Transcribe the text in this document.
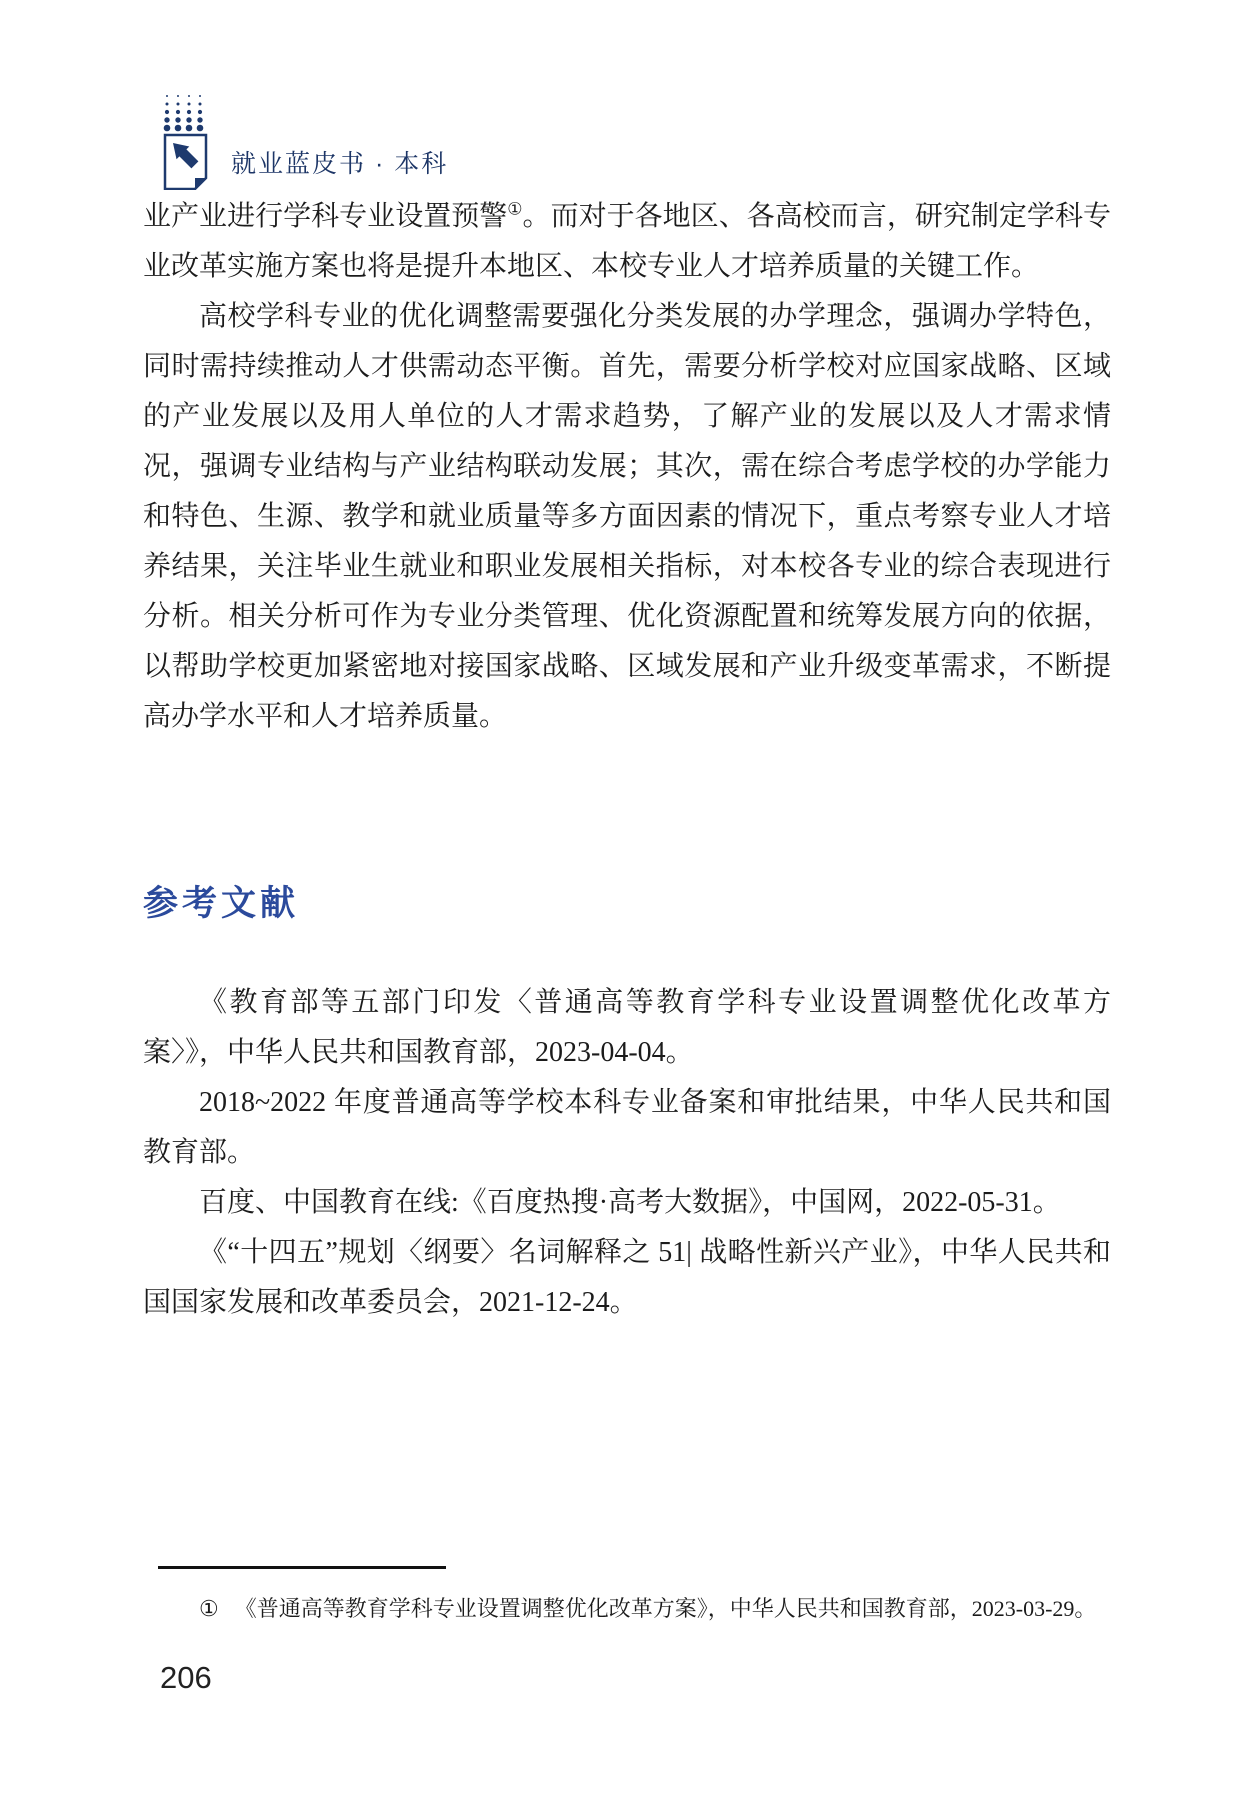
就业蓝皮书 · 本科

业产业进行学科专业设置预警①。而对于各地区、各高校而言，研究制定学科专业改革实施方案也将是提升本地区、本校专业人才培养质量的关键工作。

高校学科专业的优化调整需要强化分类发展的办学理念，强调办学特色，同时需持续推动人才供需动态平衡。首先，需要分析学校对应国家战略、区域的产业发展以及用人单位的人才需求趋势，了解产业的发展以及人才需求情况，强调专业结构与产业结构联动发展；其次，需在综合考虑学校的办学能力和特色、生源、教学和就业质量等多方面因素的情况下，重点考察专业人才培养结果，关注毕业生就业和职业发展相关指标，对本校各专业的综合表现进行分析。相关分析可作为专业分类管理、优化资源配置和统筹发展方向的依据，以帮助学校更加紧密地对接国家战略、区域发展和产业升级变革需求，不断提高办学水平和人才培养质量。

参考文献

《教育部等五部门印发〈普通高等教育学科专业设置调整优化改革方案〉》，中华人民共和国教育部，2023-04-04。

2018~2022 年度普通高等学校本科专业备案和审批结果，中华人民共和国教育部。

百度、中国教育在线:《百度热搜·高考大数据》，中国网，2022-05-31。

《“十四五”规划〈纲要〉名词解释之 51| 战略性新兴产业》，中华人民共和国国家发展和改革委员会，2021-12-24。

① 《普通高等教育学科专业设置调整优化改革方案》，中华人民共和国教育部，2023-03-29。
206
